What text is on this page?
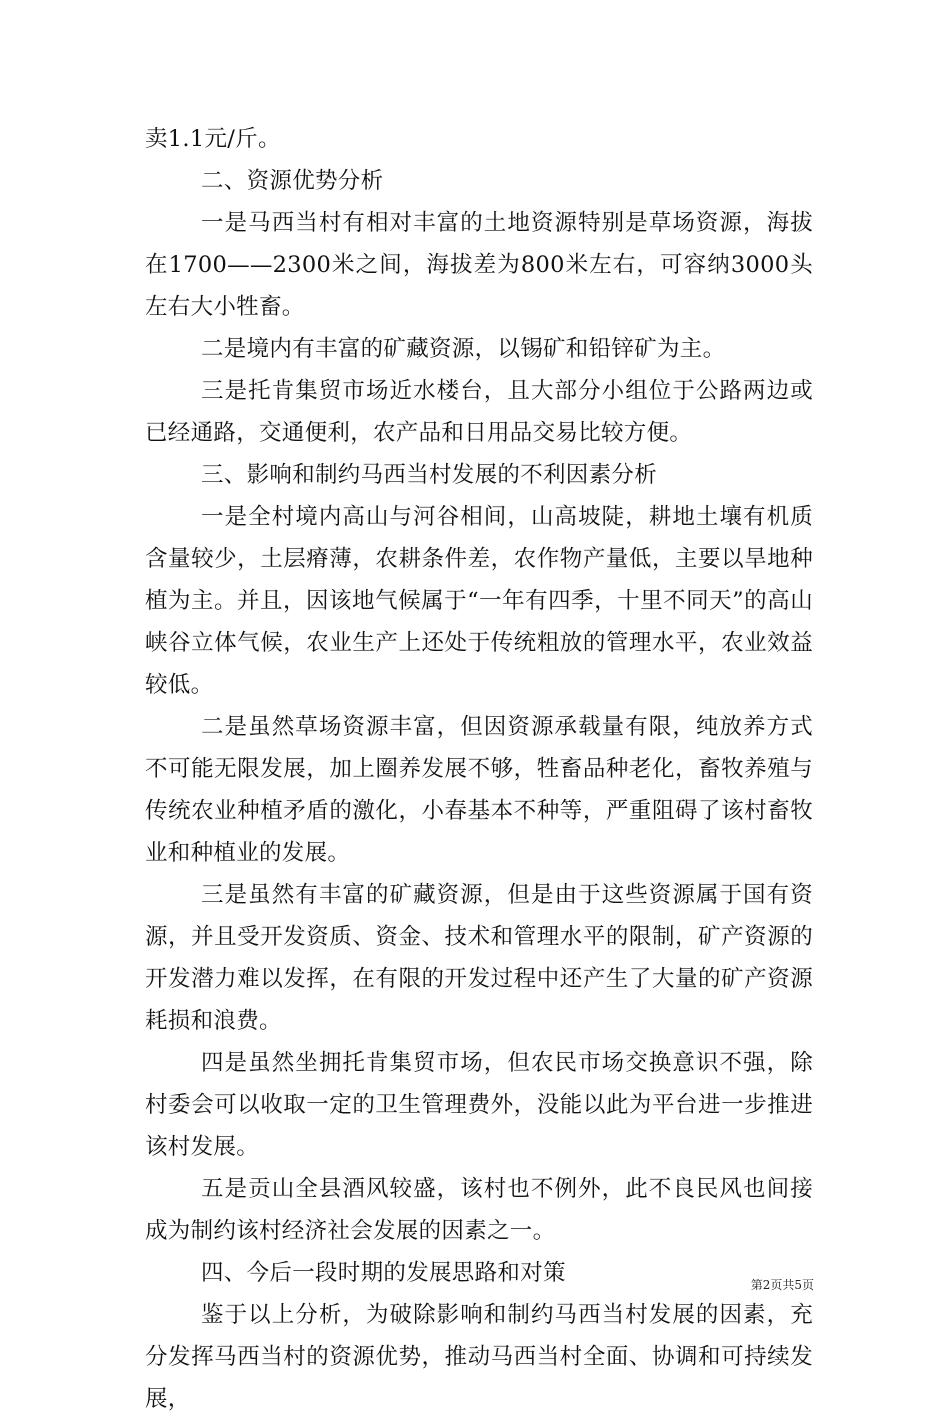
卖1.1元/斤。

二、资源优势分析

一是马西当村有相对丰富的土地资源特别是草场资源，海拔在1700——2300米之间，海拔差为800米左右，可容纳3000头左右大小牲畜。

二是境内有丰富的矿藏资源，以锡矿和铅锌矿为主。

三是托肯集贸市场近水楼台，且大部分小组位于公路两边或已经通路，交通便利，农产品和日用品交易比较方便。

三、影响和制约马西当村发展的不利因素分析

一是全村境内高山与河谷相间，山高坡陡，耕地土壤有机质含量较少，土层瘠薄，农耕条件差，农作物产量低，主要以旱地种植为主。并且，因该地气候属于“一年有四季，十里不同天”的高山峡谷立体气候，农业生产上还处于传统粗放的管理水平，农业效益较低。

二是虽然草场资源丰富，但因资源承载量有限，纯放养方式不可能无限发展，加上圈养发展不够，牲畜品种老化，畜牧养殖与传统农业种植矛盾的激化，小春基本不种等，严重阻碍了该村畜牧业和种植业的发展。

三是虽然有丰富的矿藏资源，但是由于这些资源属于国有资源，并且受开发资质、资金、技术和管理水平的限制，矿产资源的开发潜力难以发挥，在有限的开发过程中还产生了大量的矿产资源耗损和浪费。

四是虽然坐拥托肯集贸市场，但农民市场交换意识不强，除村委会可以收取一定的卫生管理费外，没能以此为平台进一步推进该村发展。

五是贡山全县酒风较盛，该村也不例外，此不良民风也间接成为制约该村经济社会发展的因素之一。

四、今后一段时期的发展思路和对策

鉴于以上分析，为破除影响和制约马西当村发展的因素，充分发挥马西当村的资源优势，推动马西当村全面、协调和可持续发展，

第2页共5页
